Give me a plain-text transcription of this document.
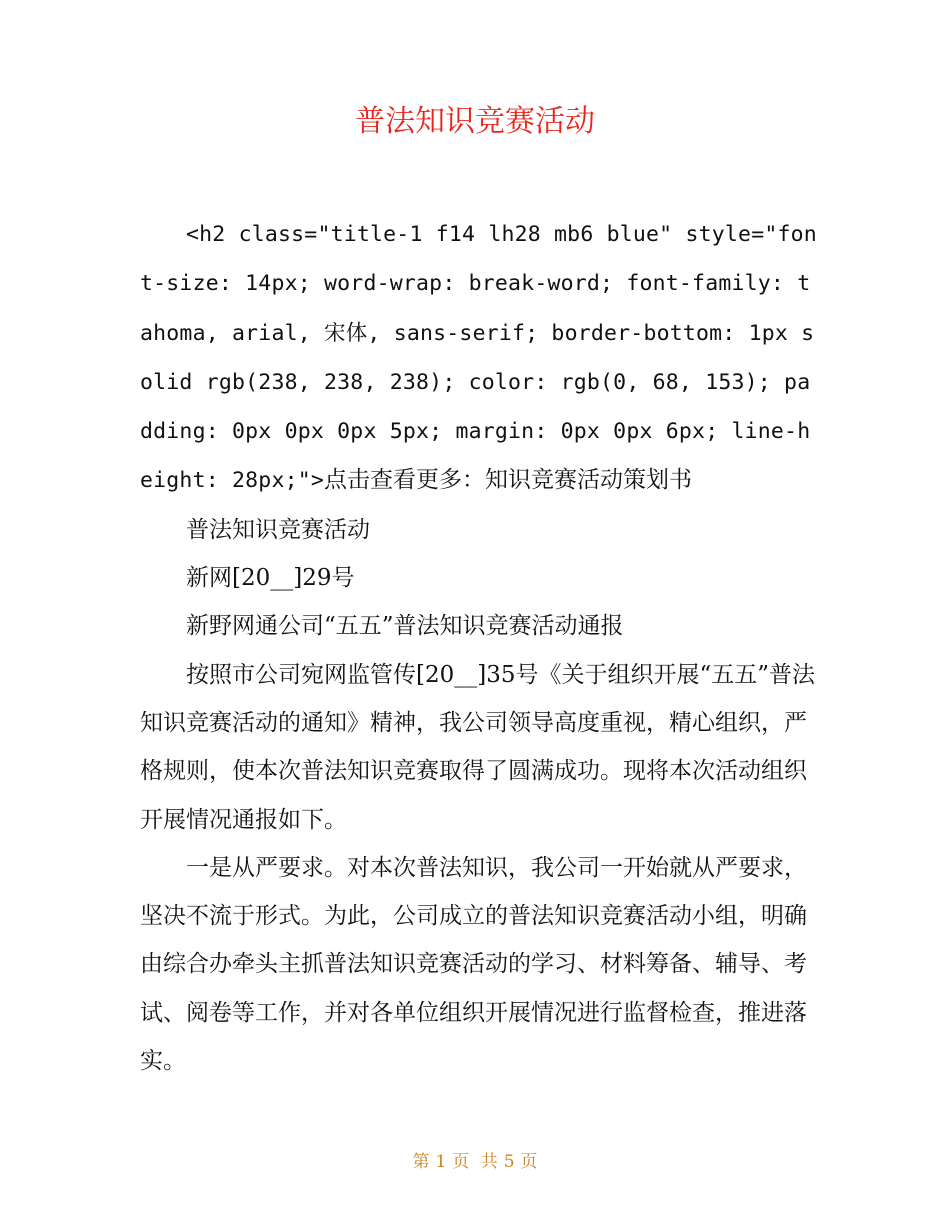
普法知识竞赛活动

<h2 class="title-1 f14 lh28 mb6 blue" style="font-size: 14px; word-wrap: break-word; font-family: tahoma, arial, 宋体, sans-serif; border-bottom: 1px solid rgb(238, 238, 238); color: rgb(0, 68, 153); padding: 0px 0px 0px 5px; margin: 0px 0px 6px; line-height: 28px;">点击查看更多：知识竞赛活动策划书

普法知识竞赛活动

新网[20__]29号

新野网通公司“五五”普法知识竞赛活动通报

按照市公司宛网监管传[20__]35号《关于组织开展“五五”普法知识竞赛活动的通知》精神，我公司领导高度重视，精心组织，严格规则，使本次普法知识竞赛取得了圆满成功。现将本次活动组织开展情况通报如下。

一是从严要求。对本次普法知识，我公司一开始就从严要求，坚决不流于形式。为此，公司成立的普法知识竞赛活动小组，明确由综合办牵头主抓普法知识竞赛活动的学习、材料筹备、辅导、考试、阅卷等工作，并对各单位组织开展情况进行监督检查，推进落实。

第 1 页 共 5 页
